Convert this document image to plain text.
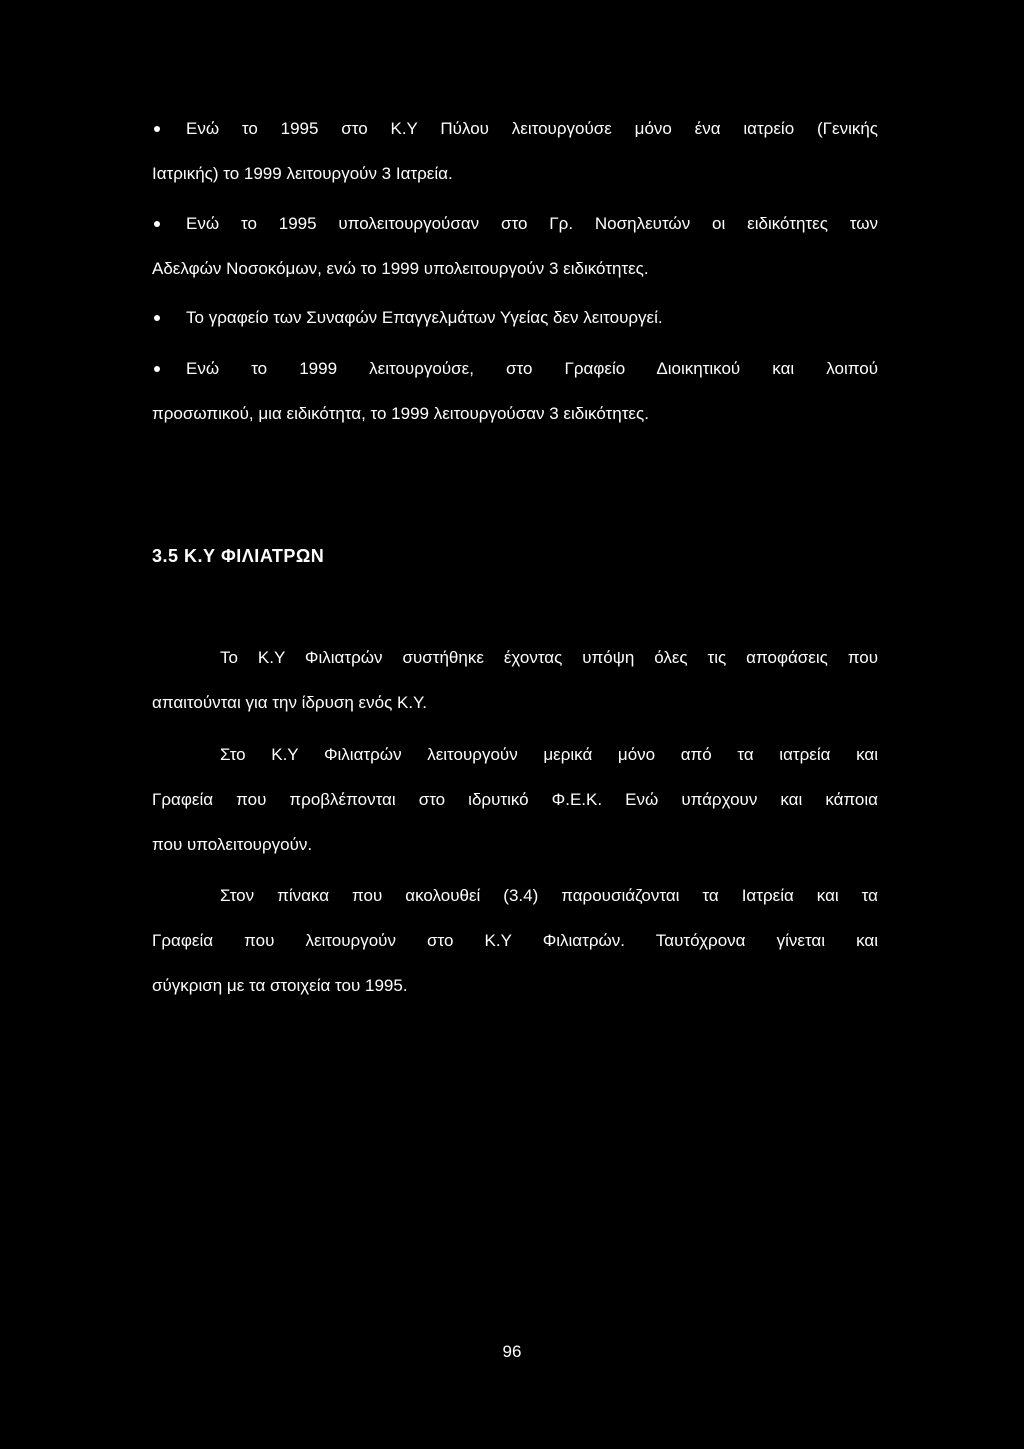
Ενώ το 1995 στο Κ.Υ Πύλου λειτουργούσε μόνο ένα ιατρείο (Γενικής
Ιατρικής) το 1999 λειτουργούν 3 Ιατρεία.
Ενώ το 1995 υπολειτουργούσαν στο Γρ. Νοσηλευτών οι ειδικότητες των
Αδελφών Νοσοκόμων, ενώ το 1999 υπολειτουργούν 3 ειδικότητες.
Το γραφείο των Συναφών Επαγγελμάτων Υγείας δεν λειτουργεί.
Ενώ το 1999 λειτουργούσε, στο Γραφείο Διοικητικού και λοιπού
προσωπικού, μια ειδικότητα, το 1999 λειτουργούσαν 3 ειδικότητες.
3.5 Κ.Υ ΦΙΛΙΑΤΡΩΝ
Το Κ.Υ Φιλιατρών συστήθηκε έχοντας υπόψη όλες τις αποφάσεις που
απαιτούνται για την ίδρυση ενός Κ.Υ.
Στο Κ.Υ Φιλιατρών λειτουργούν μερικά μόνο από τα ιατρεία και
Γραφεία που προβλέπονται στο ιδρυτικό Φ.Ε.Κ. Ενώ υπάρχουν και κάποια
που υπολειτουργούν.
Στον πίνακα που ακολουθεί (3.4) παρουσιάζονται τα Ιατρεία και τα
Γραφεία που λειτουργούν στο Κ.Υ Φιλιατρών. Ταυτόχρονα γίνεται και
σύγκριση με τα στοιχεία του 1995.
96
